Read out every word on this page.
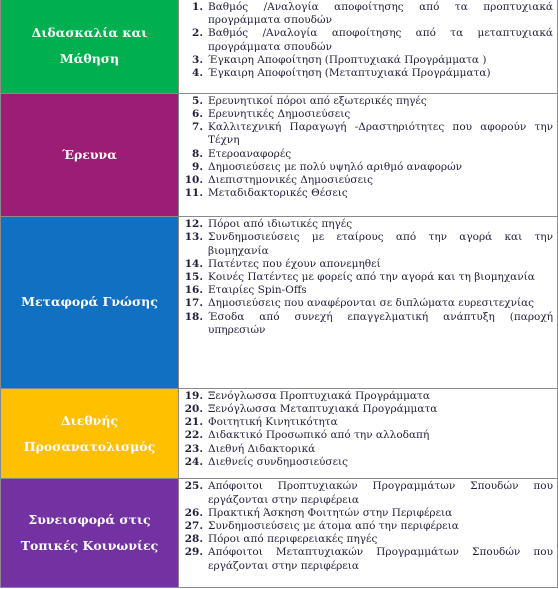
Διδασκαλία και Μάθηση
1. Βαθμός /Αναλογία αποφοίτησης από τα προπτυχιακά προγράμματα σπουδών
2. Βαθμός /Αναλογία αποφοίτησης από τα μεταπτυχιακά προγράμματα σπουδών
3. Έγκαιρη Αποφοίτηση (Προπτυχιακά Προγράμματα )
4. Έγκαιρη Αποφοίτηση (Μεταπτυχιακά Προγράμματα)
Έρευνα
5. Ερευνητικοί πόροι από εξωτερικές πηγές
6. Ερευνητικές Δημοσιεύσεις
7. Καλλιτεχνική Παραγωγή -Δραστηριότητες που αφορούν την Τέχνη
8. Ετεροαναφορές
9. Δημοσιεύσεις με πολύ υψηλό αριθμό αναφορών
10. Διεπιστημονικές Δημοσιεύσεις
11. Μεταδιδακτορικές Θέσεις
Μεταφορά Γνώσης
12. Πόροι από ιδιωτικές πηγές
13. Συνδημοσιεύσεις με εταίρους από την αγορά και την βιομηχανία
14. Πατέντες που έχουν απονεμηθεί
15. Κοινές Πατέντες με φορείς από την αγορά και τη βιομηχανία
16. Εταιρίες Spin-Offs
17. Δημοσιεύσεις που αναφέρονται σε διπλώματα ευρεσιτεχνίας
18. Έσοδα από συνεχή επαγγελματική ανάπτυξη (παροχή υπηρεσιών
Διεθνής Προσανατολισμός
19. Ξενόγλωσσα Προπτυχιακά Προγράμματα
20. Ξενόγλωσσα Μεταπτυχιακά Προγράμματα
21. Φοιτητική Κινητικότητα
22. Διδακτικό Προσωπικό από την αλλοδαπή
23. Διεθνή Διδακτορικά
24. Διεθνείς συνδημοσιεύσεις
Συνεισφορά στις Τοπικές Κοινωνίες
25. Απόφοιτοι Προπτυχιακών Προγραμμάτων Σπουδών που εργάζονται στην περιφέρεια
26. Πρακτική Άσκηση Φοιτητών στην Περιφέρεια
27. Συνδημοσιεύσεις με άτομα από την περιφέρεια
28. Πόροι από περιφερειακές πηγές
29. Απόφοιτοι Μεταπτυχιακών Προγραμμάτων Σπουδών που εργάζονται στην περιφέρεια
